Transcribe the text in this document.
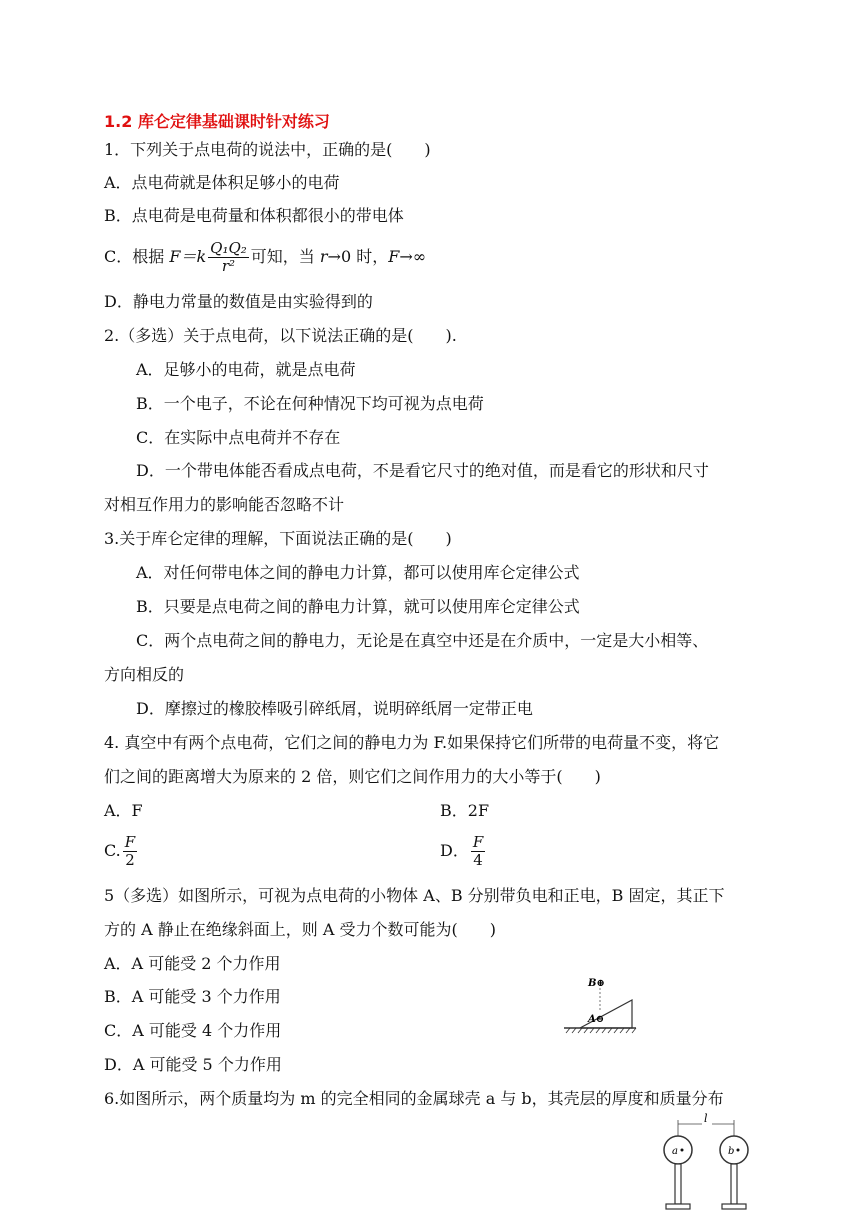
1.2 库仑定律基础课时针对练习
1．下列关于点电荷的说法中，正确的是(　　)
A．点电荷就是体积足够小的电荷
B．点电荷是电荷量和体积都很小的带电体
C．根据 $F=k \frac{\text{Q₁Q₂}}{\text{r²}}$ 可知，当 r→0 时，F→∞
D．静电力常量的数值是由实验得到的
2.（多选）关于点电荷，以下说法正确的是(　　).
A．足够小的电荷，就是点电荷
B．一个电子，不论在何种情况下均可视为点电荷
C．在实际中点电荷并不存在
D．一个带电体能否看成点电荷，不是看它尺寸的绝对值，而是看它的形状和尺寸
对相互作用力的影响能否忽略不计
3.关于库仑定律的理解，下面说法正确的是(　　)
A．对任何带电体之间的静电力计算，都可以使用库仑定律公式
B．只要是点电荷之间的静电力计算，就可以使用库仑定律公式
C．两个点电荷之间的静电力，无论是在真空中还是在介质中，一定是大小相等、
方向相反的
D．摩擦过的橡胶棒吸引碎纸屑，说明碎纸屑一定带正电
4. 真空中有两个点电荷，它们之间的静电力为 F.如果保持它们所带的电荷量不变，将它
们之间的距离增大为原来的 2 倍，则它们之间作用力的大小等于(　　)
A．F	B．2F
C. $\frac{F}{2}$	D． $\frac{F}{4}$
5（多选）如图所示，可视为点电荷的小物体 A、B 分别带负电和正电，B 固定，其正下
方的 A 静止在绝缘斜面上，则 A 受力个数可能为(　　)
A．A 可能受 2 个力作用
B．A 可能受 3 个力作用
C．A 可能受 4 个力作用
D．A 可能受 5 个力作用
B⊕
A⊖
6.如图所示，两个质量均为 m 的完全相同的金属球壳 a 与 b，其壳层的厚度和质量分布
l
a	b
